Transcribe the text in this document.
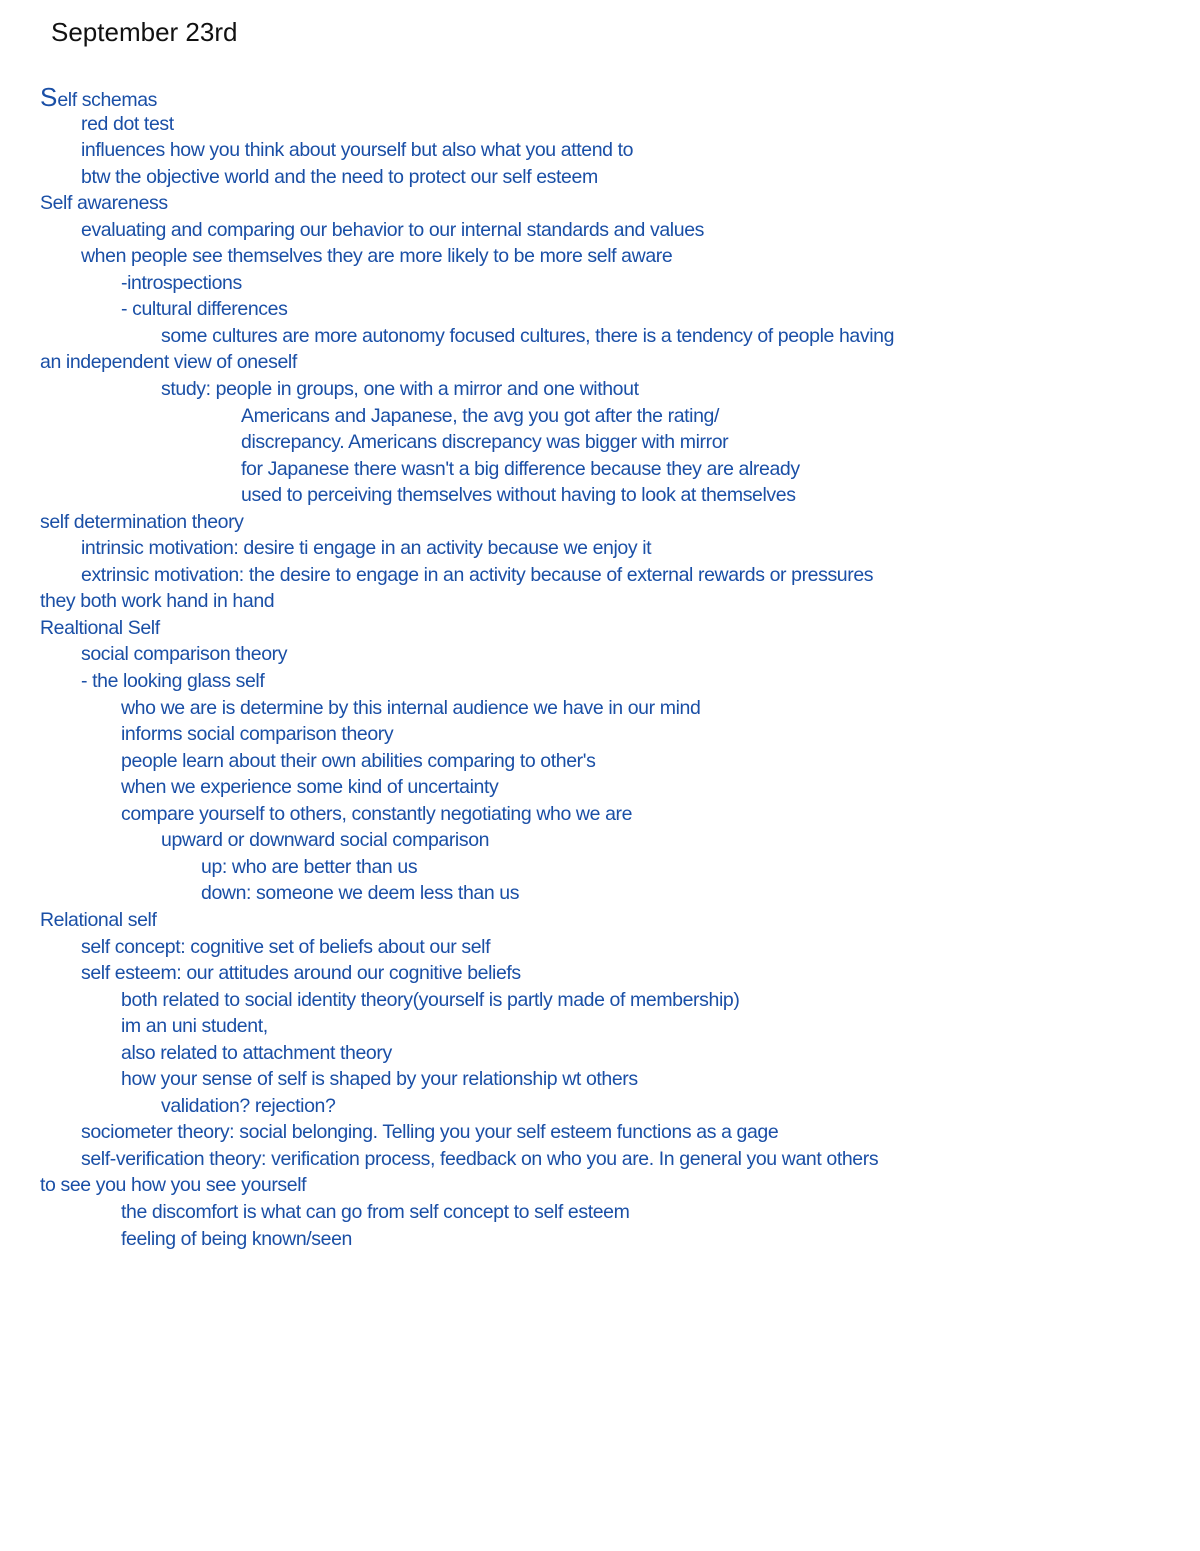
September 23rd
Self schemas
red dot test
influences how you think about yourself but also what you attend to
btw the objective world and the need to protect our self esteem
Self awareness
evaluating and comparing our behavior to our internal standards and values
when people see themselves they are more likely to be more self aware
-introspections
- cultural differences
some cultures are more autonomy focused cultures, there is a tendency of people having
an independent view of oneself
study: people in groups, one with a mirror and one without
Americans and Japanese, the avg you got after the rating/
discrepancy. Americans discrepancy was bigger with mirror
for Japanese there wasn't a big difference because they are already
used to perceiving themselves without having to look at themselves
self determination theory
intrinsic motivation: desire ti engage in an activity because we enjoy it
extrinsic motivation: the desire to engage in an activity because of external rewards or pressures
they both work hand in hand
Realtional Self
social comparison theory
- the looking glass self
who we are is determine by this internal audience we have in our mind
informs social comparison theory
people learn about their own abilities comparing to other's
when we experience some kind of uncertainty
compare yourself to others, constantly negotiating who we are
upward or downward social comparison
up: who are better than us
down: someone we deem less than us
Relational self
self concept: cognitive set of beliefs about our self
self esteem: our attitudes around our cognitive beliefs
both related to social identity theory(yourself is partly made of membership)
im an uni student,
also related to attachment theory
how your sense of self is shaped by your relationship wt others
validation? rejection?
sociometer theory: social belonging. Telling you your self esteem functions as a gage
self-verification theory: verification process, feedback on who you are. In general you want others
to see you how you see yourself
the discomfort is what can go from self concept to self esteem
feeling of being known/seen
